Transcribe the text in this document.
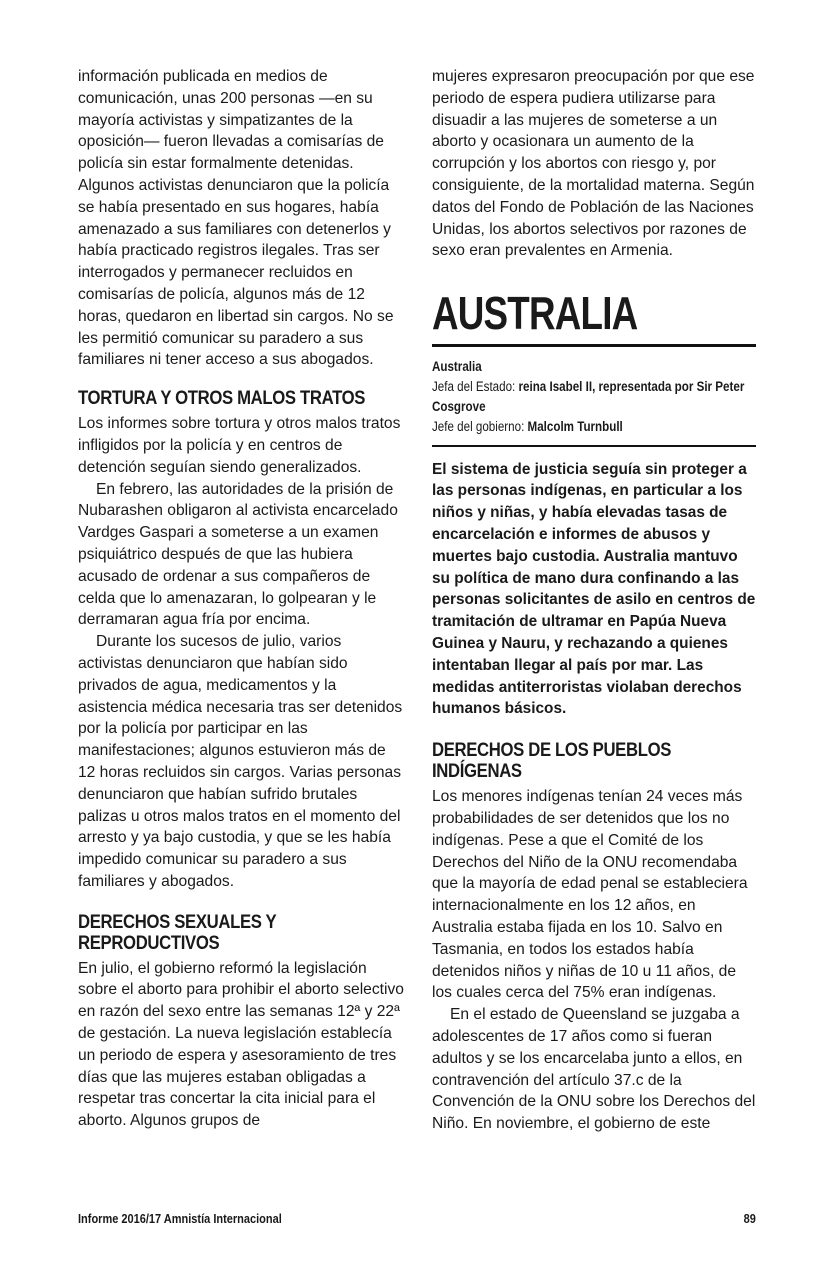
información publicada en medios de comunicación, unas 200 personas —en su mayoría activistas y simpatizantes de la oposición— fueron llevadas a comisarías de policía sin estar formalmente detenidas. Algunos activistas denunciaron que la policía se había presentado en sus hogares, había amenazado a sus familiares con detenerlos y había practicado registros ilegales. Tras ser interrogados y permanecer recluidos en comisarías de policía, algunos más de 12 horas, quedaron en libertad sin cargos. No se les permitió comunicar su paradero a sus familiares ni tener acceso a sus abogados.

TORTURA Y OTROS MALOS TRATOS

Los informes sobre tortura y otros malos tratos infligidos por la policía y en centros de detención seguían siendo generalizados.

En febrero, las autoridades de la prisión de Nubarashen obligaron al activista encarcelado Vardges Gaspari a someterse a un examen psiquiátrico después de que las hubiera acusado de ordenar a sus compañeros de celda que lo amenazaran, lo golpearan y le derramaran agua fría por encima.

Durante los sucesos de julio, varios activistas denunciaron que habían sido privados de agua, medicamentos y la asistencia médica necesaria tras ser detenidos por la policía por participar en las manifestaciones; algunos estuvieron más de 12 horas recluidos sin cargos. Varias personas denunciaron que habían sufrido brutales palizas u otros malos tratos en el momento del arresto y ya bajo custodia, y que se les había impedido comunicar su paradero a sus familiares y abogados.

DERECHOS SEXUALES Y REPRODUCTIVOS

En julio, el gobierno reformó la legislación sobre el aborto para prohibir el aborto selectivo en razón del sexo entre las semanas 12ª y 22ª de gestación. La nueva legislación establecía un periodo de espera y asesoramiento de tres días que las mujeres estaban obligadas a respetar tras concertar la cita inicial para el aborto. Algunos grupos de

mujeres expresaron preocupación por que ese periodo de espera pudiera utilizarse para disuadir a las mujeres de someterse a un aborto y ocasionara un aumento de la corrupción y los abortos con riesgo y, por consiguiente, de la mortalidad materna. Según datos del Fondo de Población de las Naciones Unidas, los abortos selectivos por razones de sexo eran prevalentes en Armenia.

AUSTRALIA
Australia
Jefa del Estado: reina Isabel II, representada por Sir Peter Cosgrove
Jefe del gobierno: Malcolm Turnbull

El sistema de justicia seguía sin proteger a las personas indígenas, en particular a los niños y niñas, y había elevadas tasas de encarcelación e informes de abusos y muertes bajo custodia. Australia mantuvo su política de mano dura confinando a las personas solicitantes de asilo en centros de tramitación de ultramar en Papúa Nueva Guinea y Nauru, y rechazando a quienes intentaban llegar al país por mar. Las medidas antiterroristas violaban derechos humanos básicos.

DERECHOS DE LOS PUEBLOS INDÍGENAS

Los menores indígenas tenían 24 veces más probabilidades de ser detenidos que los no indígenas. Pese a que el Comité de los Derechos del Niño de la ONU recomendaba que la mayoría de edad penal se estableciera internacionalmente en los 12 años, en Australia estaba fijada en los 10. Salvo en Tasmania, en todos los estados había detenidos niños y niñas de 10 u 11 años, de los cuales cerca del 75% eran indígenas.

En el estado de Queensland se juzgaba a adolescentes de 17 años como si fueran adultos y se los encarcelaba junto a ellos, en contravención del artículo 37.c de la Convención de la ONU sobre los Derechos del Niño. En noviembre, el gobierno de este

Informe 2016/17 Amnistía Internacional	89
